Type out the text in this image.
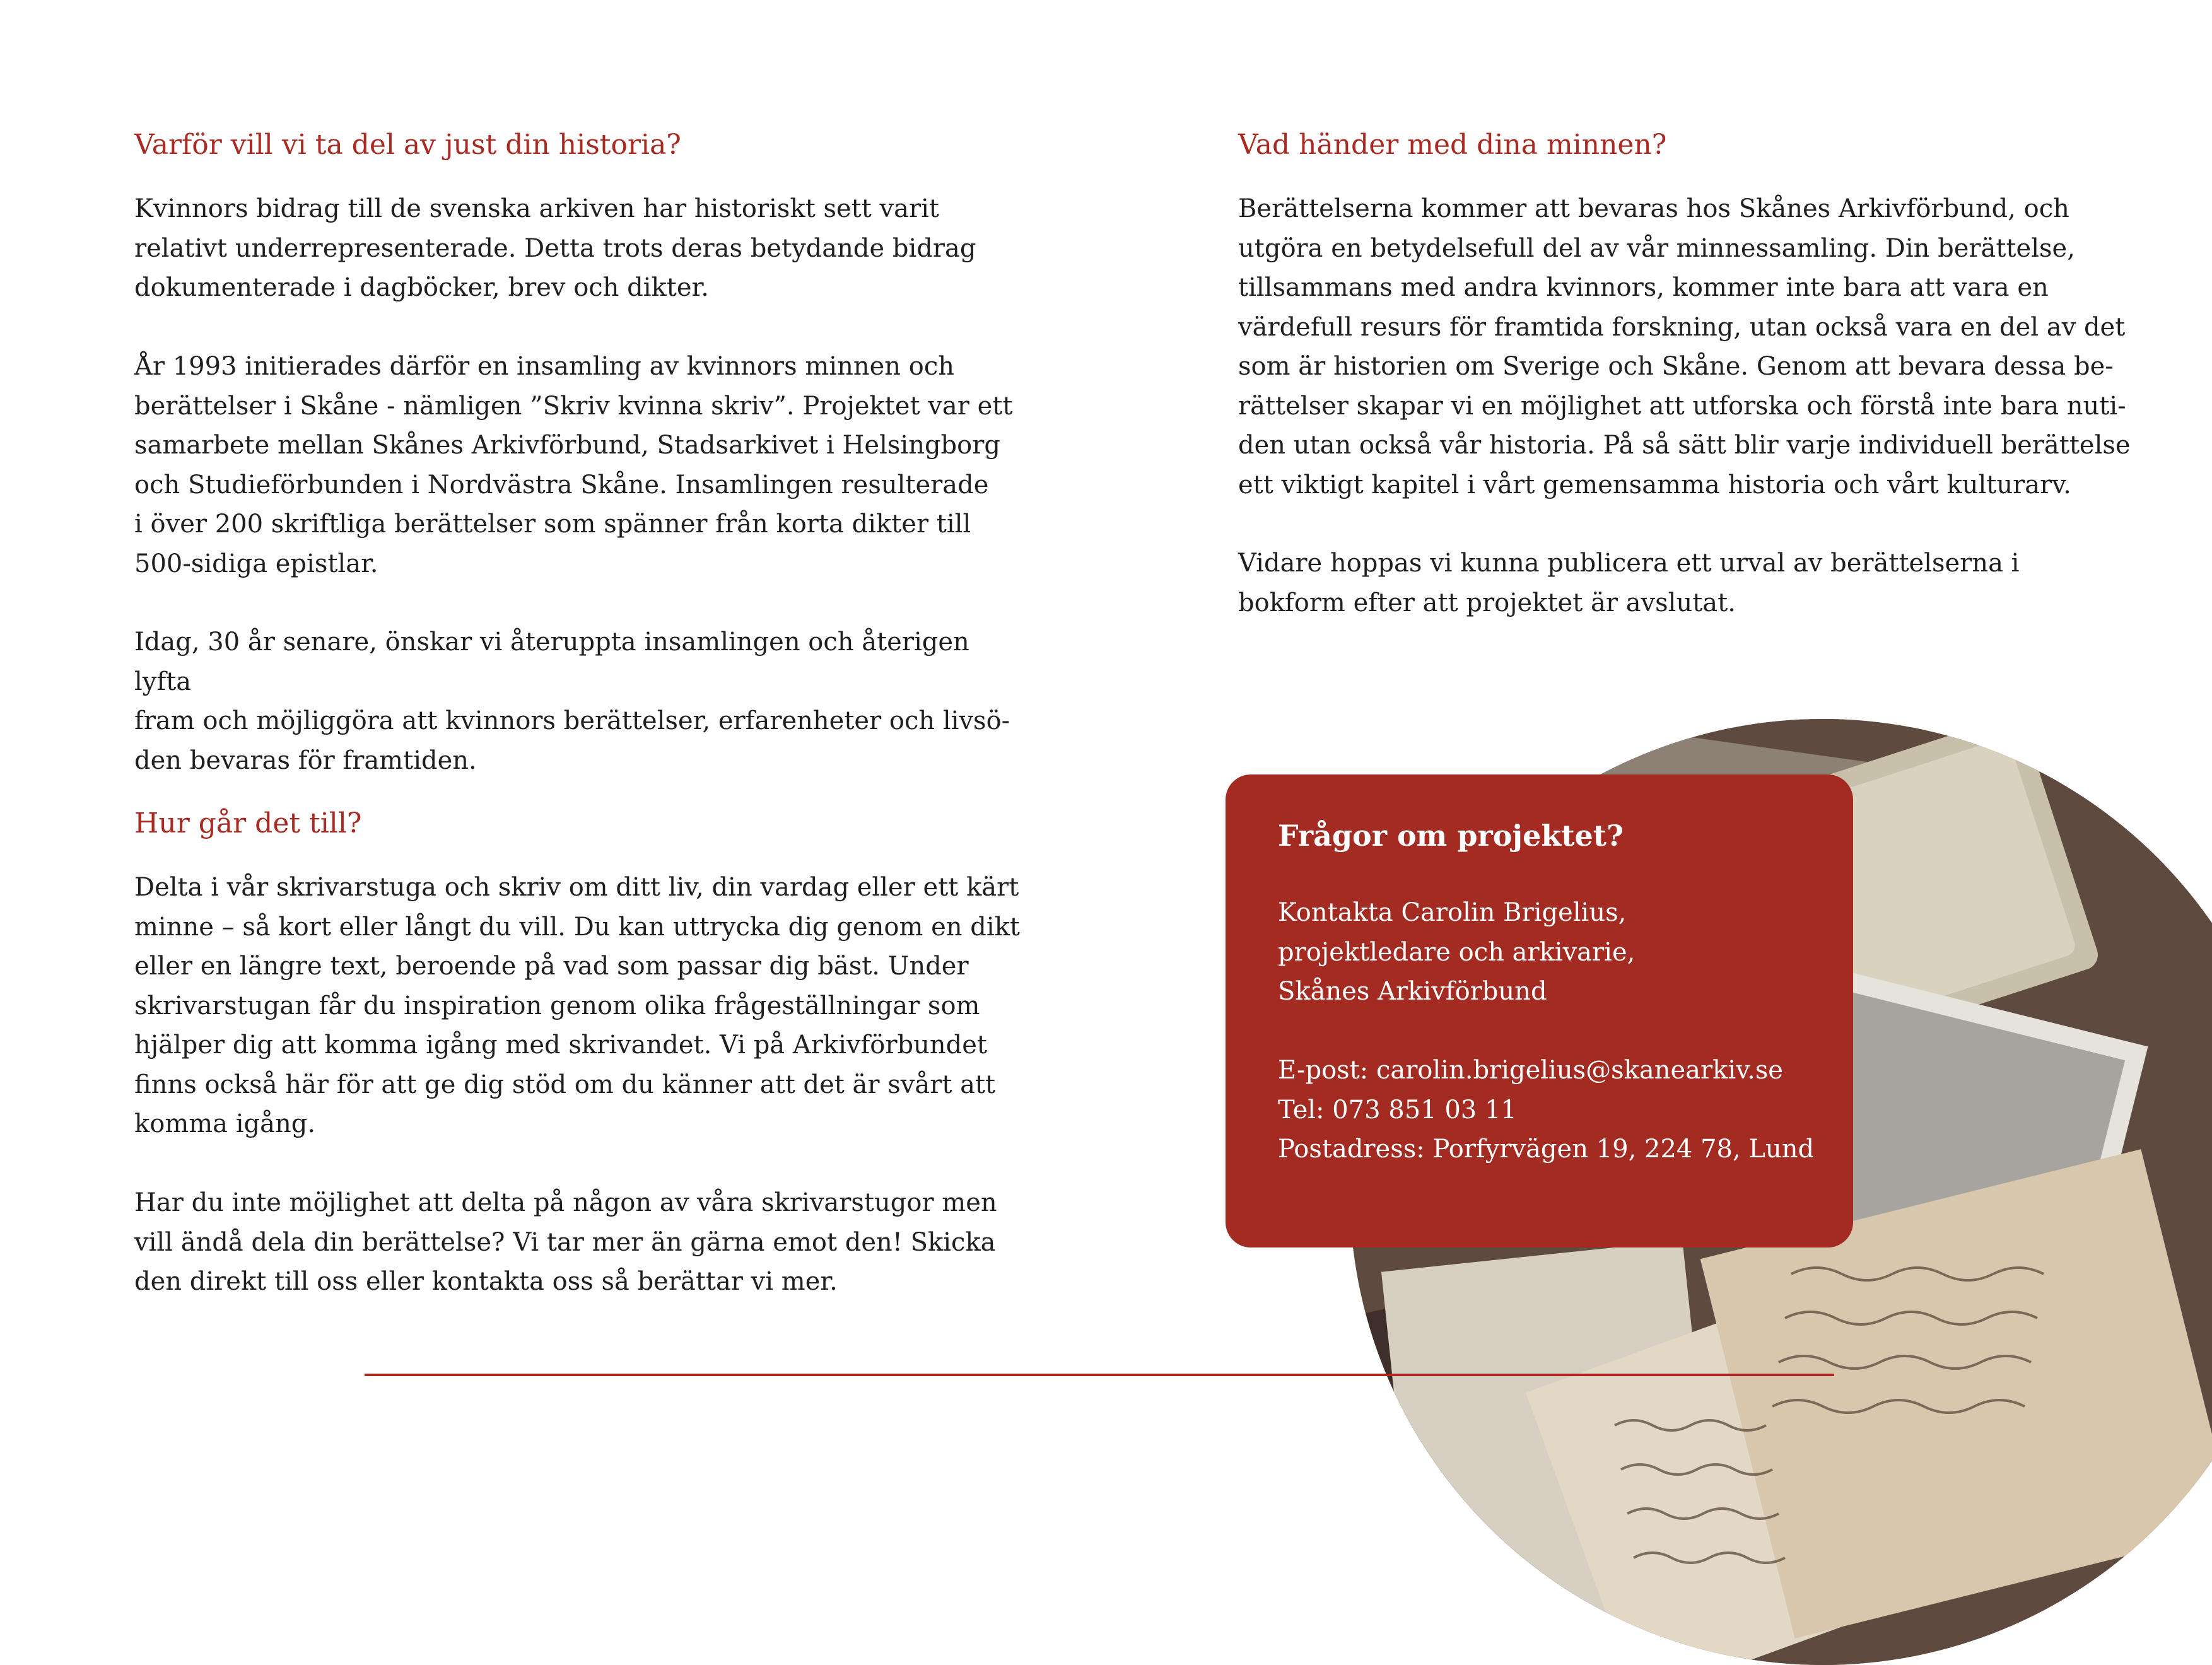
Varför vill vi ta del av just din historia?

Kvinnors bidrag till de svenska arkiven har historiskt sett varit
relativt underrepresenterade. Detta trots deras betydande bidrag
dokumenterade i dagböcker, brev och dikter.

År 1993 initierades därför en insamling av kvinnors minnen och
berättelser i Skåne - nämligen ”Skriv kvinna skriv”. Projektet var ett
samarbete mellan Skånes Arkivförbund, Stadsarkivet i Helsingborg
och Studieförbunden i Nordvästra Skåne. Insamlingen resulterade
i över 200 skriftliga berättelser som spänner från korta dikter till
500-sidiga epistlar.

Idag, 30 år senare, önskar vi återuppta insamlingen och återigen lyfta
fram och möjliggöra att kvinnors berättelser, erfarenheter och livsö-
den bevaras för framtiden.

Hur går det till?

Delta i vår skrivarstuga och skriv om ditt liv, din vardag eller ett kärt
minne – så kort eller långt du vill. Du kan uttrycka dig genom en dikt
eller en längre text, beroende på vad som passar dig bäst. Under
skrivarstugan får du inspiration genom olika frågeställningar som
hjälper dig att komma igång med skrivandet. Vi på Arkivförbundet
finns också här för att ge dig stöd om du känner att det är svårt att
komma igång.

Har du inte möjlighet att delta på någon av våra skrivarstugor men
vill ändå dela din berättelse? Vi tar mer än gärna emot den! Skicka
den direkt till oss eller kontakta oss så berättar vi mer.

Vad händer med dina minnen?

Berättelserna kommer att bevaras hos Skånes Arkivförbund, och
utgöra en betydelsefull del av vår minnessamling. Din berättelse,
tillsammans med andra kvinnors, kommer inte bara att vara en
värdefull resurs för framtida forskning, utan också vara en del av det
som är historien om Sverige och Skåne. Genom att bevara dessa be-
rättelser skapar vi en möjlighet att utforska och förstå inte bara nuti-
den utan också vår historia. På så sätt blir varje individuell berättelse
ett viktigt kapitel i vårt gemensamma historia och vårt kulturarv.

Vidare hoppas vi kunna publicera ett urval av berättelserna i
bokform efter att projektet är avslutat.

Frågor om projektet?
Kontakta Carolin Brigelius,
projektledare och arkivarie,
Skånes Arkivförbund
E-post: carolin.brigelius@skanearkiv.se
Tel: 073 851 03 11
Postadress: Porfyrvägen 19, 224 78, Lund
